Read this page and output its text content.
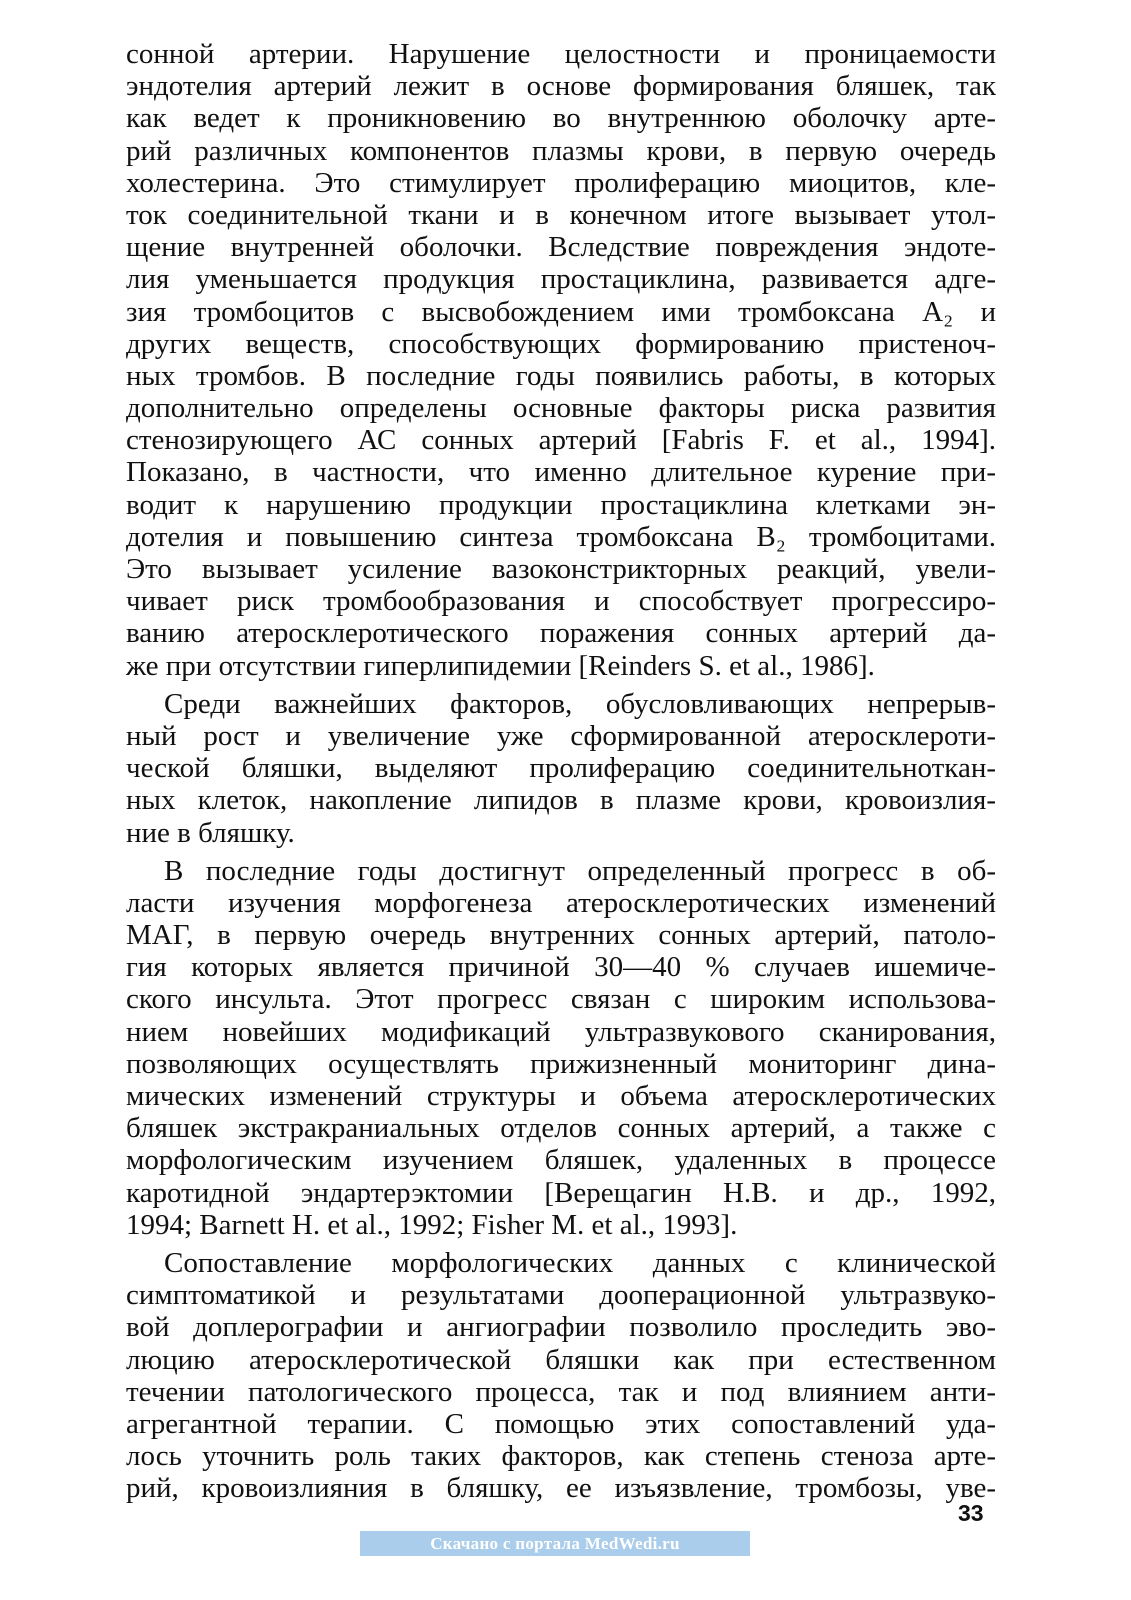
сонной артерии. Нарушение целостности и проницаемости
эндотелия артерий лежит в основе формирования бляшек, так
как ведет к проникновению во внутреннюю оболочку арте-
рий различных компонентов плазмы крови, в первую очередь
холестерина. Это стимулирует пролиферацию миоцитов, кле-
ток соединительной ткани и в конечном итоге вызывает утол-
щение внутренней оболочки. Вследствие повреждения эндоте-
лия уменьшается продукция простациклина, развивается адге-
зия тромбоцитов с высвобождением ими тромбоксана A₂ и
других веществ, способствующих формированию пристеноч-
ных тромбов. В последние годы появились работы, в которых
дополнительно определены основные факторы риска развития
стенозирующего АС сонных артерий [Fabris F. et al., 1994].
Показано, в частности, что именно длительное курение при-
водит к нарушению продукции простациклина клетками эн-
дотелия и повышению синтеза тромбоксана B₂ тромбоцитами.
Это вызывает усиление вазоконстрикторных реакций, увели-
чивает риск тромбообразования и способствует прогрессиро-
ванию атеросклеротического поражения сонных артерий да-
же при отсутствии гиперлипидемии [Reinders S. et al., 1986].

Среди важнейших факторов, обусловливающих непрерыв-
ный рост и увеличение уже сформированной атеросклероти-
ческой бляшки, выделяют пролиферацию соединительноткан-
ных клеток, накопление липидов в плазме крови, кровоизлия-
ние в бляшку.

В последние годы достигнут определенный прогресс в об-
ласти изучения морфогенеза атеросклеротических изменений
МАГ, в первую очередь внутренних сонных артерий, патоло-
гия которых является причиной 30—40 % случаев ишемиче-
ского инсульта. Этот прогресс связан с широким использова-
нием новейших модификаций ультразвукового сканирования,
позволяющих осуществлять прижизненный мониторинг дина-
мических изменений структуры и объема атеросклеротических
бляшек экстракраниальных отделов сонных артерий, а также с
морфологическим изучением бляшек, удаленных в процессе
каротидной эндартерэктомии [Верещагин Н.В. и др., 1992,
1994; Barnett H. et al., 1992; Fisher M. et al., 1993].

Сопоставление морфологических данных с клинической
симптоматикой и результатами дооперационной ультразвуко-
вой доплерографии и ангиографии позволило проследить эво-
люцию атеросклеротической бляшки как при естественном
течении патологического процесса, так и под влиянием анти-
агрегантной терапии. С помощью этих сопоставлений уда-
лось уточнить роль таких факторов, как степень стеноза арте-
рий, кровоизлияния в бляшку, ее изъязвление, тромбозы, уве-

33
Скачано с портала MedWedi.ru
